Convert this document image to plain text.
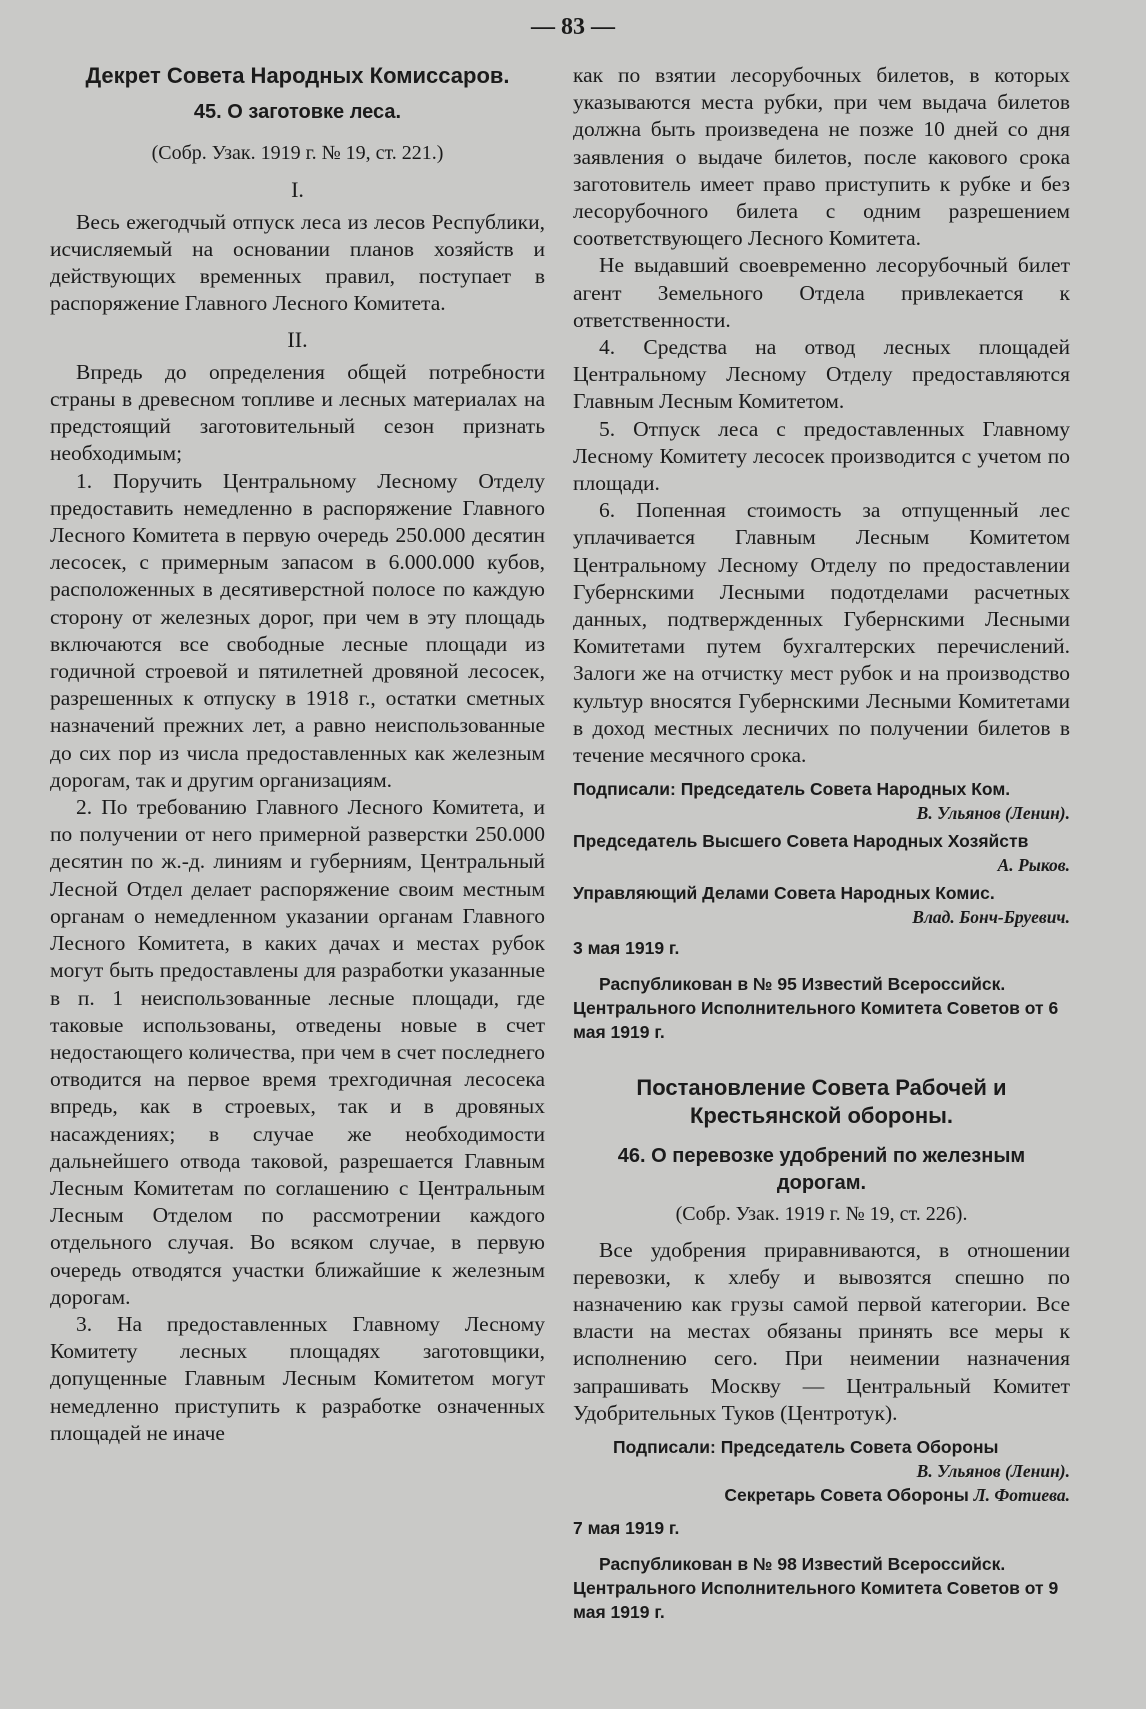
— 83 —

Декрет Совета Народных Комиссаров.

45. О заготовке леса.

(Собр. Узак. 1919 г. № 19, ст. 221.)

I.

Весь ежегодчый отпуск леса из лесов Республики, исчисляемый на основании планов хозяйств и действующих временных правил, поступает в распоряжение Главного Лесного Комитета.

II.

Впредь до определения общей потребности страны в древесном топливе и лесных материалах на предстоящий заготовительный сезон признать необходимым;

1. Поручить Центральному Лесному Отделу предоставить немедленно в распоряжение Главного Лесного Комитета в первую очередь 250.000 десятин лесосек, с примерным запасом в 6.000.000 кубов, расположенных в десятиверстной полосе по каждую сторону от железных дорог, при чем в эту площадь включаются все свободные лесные площади из годичной строевой и пятилетней дровяной лесосек, разрешенных к отпуску в 1918 г., остатки сметных назначений прежних лет, а равно неиспользованные до сих пор из числа предоставленных как железным дорогам, так и другим организациям.

2. По требованию Главного Лесного Комитета, и по получении от него примерной разверстки 250.000 десятин по ж.-д. линиям и губерниям, Центральный Лесной Отдел делает распоряжение своим местным органам о немедленном указании органам Главного Лесного Комитета, в каких дачах и местах рубок могут быть предоставлены для разработки указанные в п. 1 неиспользованные лесные площади, где таковые использованы, отведены новые в счет недостающего количества, при чем в счет последнего отводится на первое время трехгодичная лесосека впредь, как в строевых, так и в дровяных насаждениях; в случае же необходимости дальнейшего отвода таковой, разрешается Главным Лесным Комитетам по соглашению с Центральным Лесным Отделом по рассмотрении каждого отдельного случая. Во всяком случае, в первую очередь отводятся участки ближайшие к железным дорогам.

3. На предоставленных Главному Лесному Комитету лесных площадях заготовщики, допущенные Главным Лесным Комитетом могут немедленно приступить к разработке означенных площадей не иначе

как по взятии лесорубочных билетов, в которых указываются места рубки, при чем выдача билетов должна быть произведена не позже 10 дней со дня заявления о выдаче билетов, после какового срока заготовитель имеет право приступить к рубке и без лесорубочного билета с одним разрешением соответствующего Лесного Комитета.

Не выдавший своевременно лесорубочный билет агент Земельного Отдела привлекается к ответственности.

4. Средства на отвод лесных площадей Центральному Лесному Отделу предоставляются Главным Лесным Комитетом.

5. Отпуск леса с предоставленных Главному Лесному Комитету лесосек производится с учетом по площади.

6. Попенная стоимость за отпущенный лес уплачивается Главным Лесным Комитетом Центральному Лесному Отделу по предоставлении Губернскими Лесными подотделами расчетных данных, подтвержденных Губернскими Лесными Комитетами путем бухгалтерских перечислений. Залоги же на отчистку мест рубок и на производство культур вносятся Губернскими Лесными Комитетами в доход местных лесничих по получении билетов в течение месячного срока.

Подписали: Председатель Совета Народных Ком.

В. Ульянов (Ленин).

Председатель Высшего Совета Народных Хозяйств

А. Рыков.

Управляющий Делами Совета Народных Комис.

Влад. Бонч-Бруевич.

3 мая 1919 г.

Распубликован в № 95 Известий Всероссийск. Центрального Исполнительного Комитета Советов от 6 мая 1919 г.

Постановление Совета Рабочей и Крестьянской обороны.

46. О перевозке удобрений по железным дорогам.

(Собр. Узак. 1919 г. № 19, ст. 226).

Все удобрения приравниваются, в отношении перевозки, к хлебу и вывозятся спешно по назначению как грузы самой первой категории. Все власти на местах обязаны принять все меры к исполнению сего. При неимении назначения запрашивать Москву — Центральный Комитет Удобрительных Туков (Центротук).

Подписали: Председатель Совета Обороны

В. Ульянов (Ленин).

Секретарь Совета Обороны Л. Фотиева.

7 мая 1919 г.

Распубликован в № 98 Известий Всероссийск. Центрального Исполнительного Комитета Советов от 9 мая 1919 г.
